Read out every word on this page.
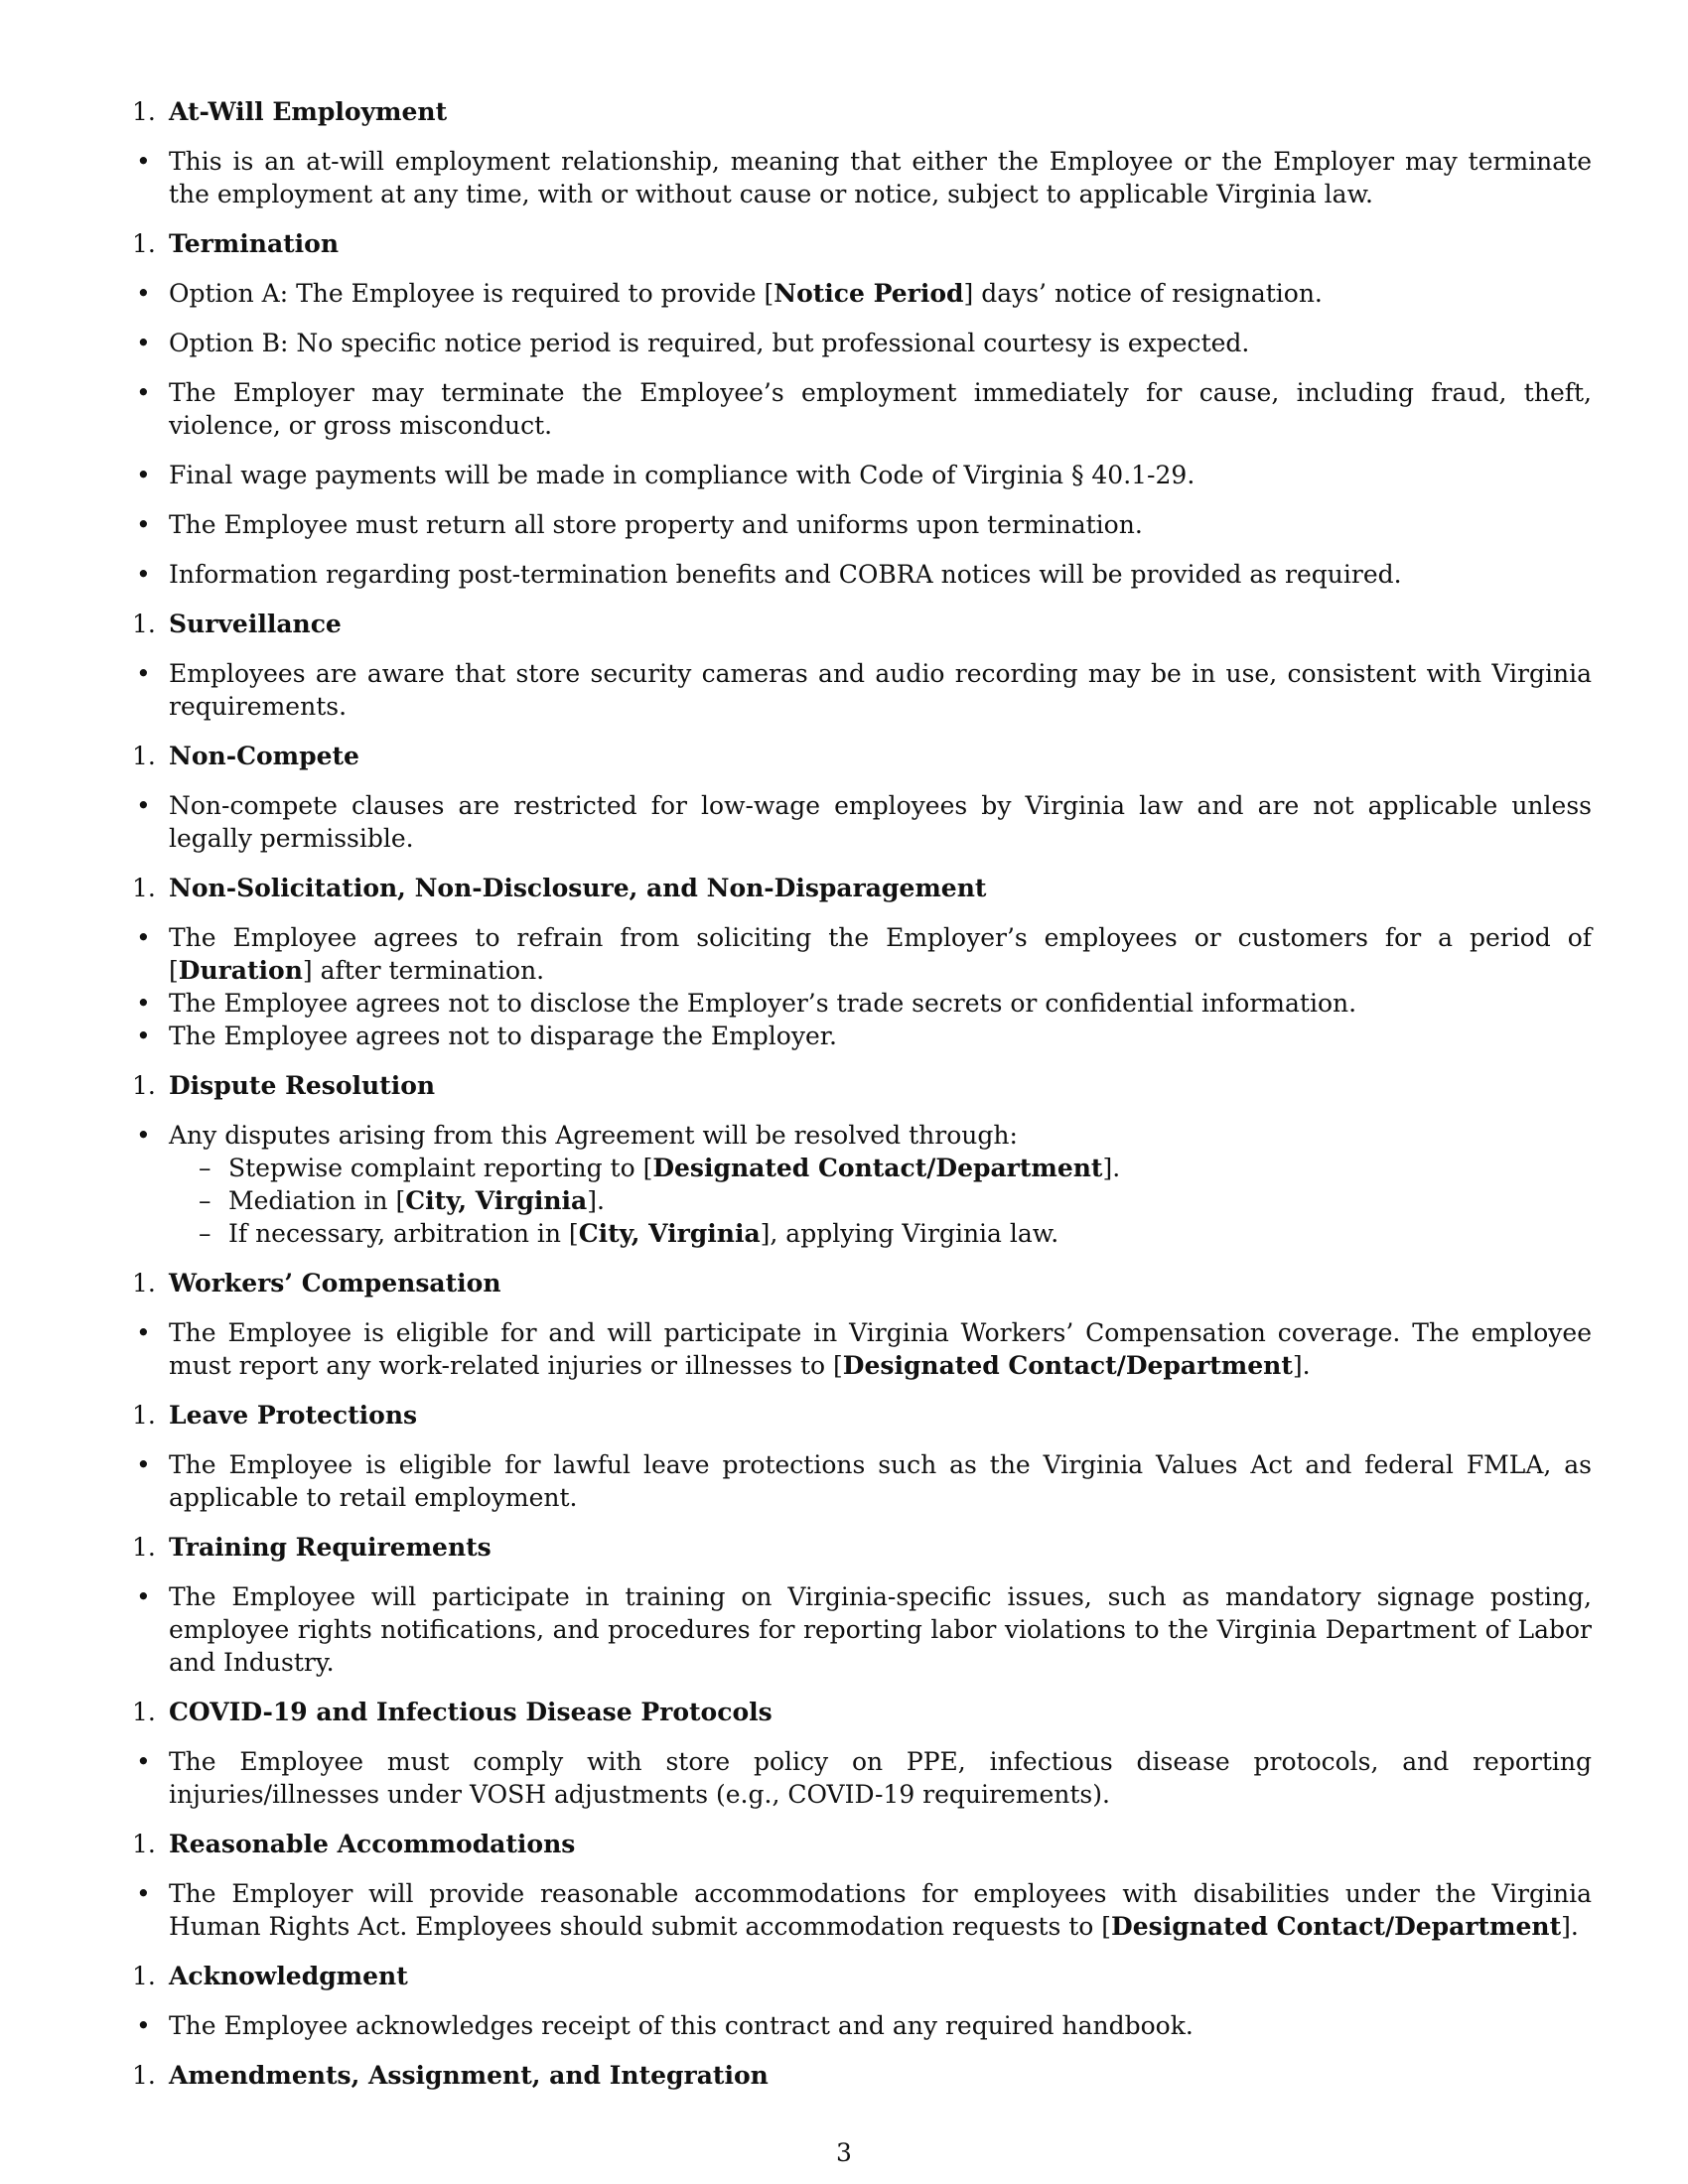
1. At-Will Employment
• This is an at-will employment relationship, meaning that either the Employee or the Employer may terminate the employment at any time, with or without cause or notice, subject to applicable Virginia law.
1. Termination
• Option A: The Employee is required to provide [Notice Period] days’ notice of resignation.
• Option B: No specific notice period is required, but professional courtesy is expected.
• The Employer may terminate the Employee’s employment immediately for cause, including fraud, theft, violence, or gross misconduct.
• Final wage payments will be made in compliance with Code of Virginia § 40.1-29.
• The Employee must return all store property and uniforms upon termination.
• Information regarding post-termination benefits and COBRA notices will be provided as required.
1. Surveillance
• Employees are aware that store security cameras and audio recording may be in use, consistent with Virginia requirements.
1. Non-Compete
• Non-compete clauses are restricted for low-wage employees by Virginia law and are not applicable unless legally permissible.
1. Non-Solicitation, Non-Disclosure, and Non-Disparagement
• The Employee agrees to refrain from soliciting the Employer’s employees or customers for a period of [Duration] after termination.
• The Employee agrees not to disclose the Employer’s trade secrets or confidential information.
• The Employee agrees not to disparage the Employer.
1. Dispute Resolution
• Any disputes arising from this Agreement will be resolved through:
– Stepwise complaint reporting to [Designated Contact/Department].
– Mediation in [City, Virginia].
– If necessary, arbitration in [City, Virginia], applying Virginia law.
1. Workers’ Compensation
• The Employee is eligible for and will participate in Virginia Workers’ Compensation coverage. The employee must report any work-related injuries or illnesses to [Designated Contact/Department].
1. Leave Protections
• The Employee is eligible for lawful leave protections such as the Virginia Values Act and federal FMLA, as applicable to retail employment.
1. Training Requirements
• The Employee will participate in training on Virginia-specific issues, such as mandatory signage posting, employee rights notifications, and procedures for reporting labor violations to the Virginia Department of Labor and Industry.
1. COVID-19 and Infectious Disease Protocols
• The Employee must comply with store policy on PPE, infectious disease protocols, and reporting injuries/illnesses under VOSH adjustments (e.g., COVID-19 requirements).
1. Reasonable Accommodations
• The Employer will provide reasonable accommodations for employees with disabilities under the Virginia Human Rights Act. Employees should submit accommodation requests to [Designated Contact/Department].
1. Acknowledgment
• The Employee acknowledges receipt of this contract and any required handbook.
1. Amendments, Assignment, and Integration
3
